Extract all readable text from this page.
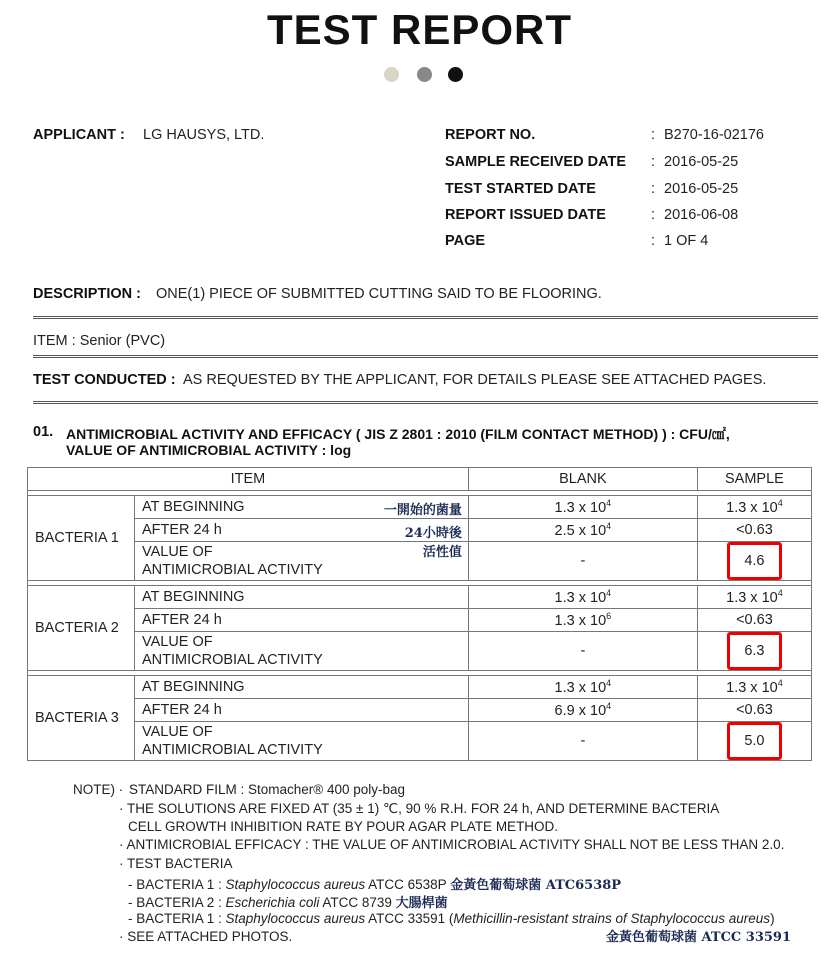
TEST REPORT
APPLICANT : LG HAUSYS, LTD.	REPORT NO.	: B270-16-02176
SAMPLE RECEIVED DATE : 2016-05-25
TEST STARTED DATE	: 2016-05-25
REPORT ISSUED DATE	: 2016-06-08
PAGE	: 1 OF 4
DESCRIPTION : ONE(1) PIECE OF SUBMITTED CUTTING SAID TO BE FLOORING.
ITEM : Senior (PVC)
TEST CONDUCTED : AS REQUESTED BY THE APPLICANT, FOR DETAILS PLEASE SEE ATTACHED PAGES.
01. ANTIMICROBIAL ACTIVITY AND EFFICACY ( JIS Z 2801 : 2010 (FILM CONTACT METHOD) ) : CFU/㎠,
VALUE OF ANTIMICROBIAL ACTIVITY : log
ITEM		BLANK	SAMPLE

BACTERIA 1	AT BEGINNING 一開始的菌量	1.3 x $10^4$	1.3 x $10^4$
	AFTER 24 h 24小時後	2.5 x $10^4$	<0.63
	VALUE OF
ANTIMICROBIAL ACTIVITY
活性值	-	4.6

BACTERIA 2	AT BEGINNING	1.3 x $10^4$	1.3 x $10^4$
	AFTER 24 h	1.3 x $10^6$	<0.63
	VALUE OF
ANTIMICROBIAL ACTIVITY	-	6.3

BACTERIA 3	AT BEGINNING	1.3 x $10^4$	1.3 x $10^4$
	AFTER 24 h	6.9 x $10^4$	<0.63
	VALUE OF
ANTIMICROBIAL ACTIVITY	-	5.0
NOTE) · STANDARD FILM : Stomacher® 400 poly-bag
· THE SOLUTIONS ARE FIXED AT (35 ± 1) ℃, 90 % R.H. FOR 24 h, AND DETERMINE BACTERIA
CELL GROWTH INHIBITION RATE BY POUR AGAR PLATE METHOD.
· ANTIMICROBIAL EFFICACY : THE VALUE OF ANTIMICROBIAL ACTIVITY SHALL NOT BE LESS THAN 2.0.
· TEST BACTERIA
- BACTERIA 1 : Staphylococcus aureus ATCC 6538P 金黃色葡萄球菌 ATC6538P
- BACTERIA 2 : Escherichia coli ATCC 8739 大腸桿菌
- BACTERIA 1 : Staphylococcus aureus ATCC 33591 (Methicillin-resistant strains of Staphylococcus aureus)
金黃色葡萄球菌 ATCC 33591
· SEE ATTACHED PHOTOS.
